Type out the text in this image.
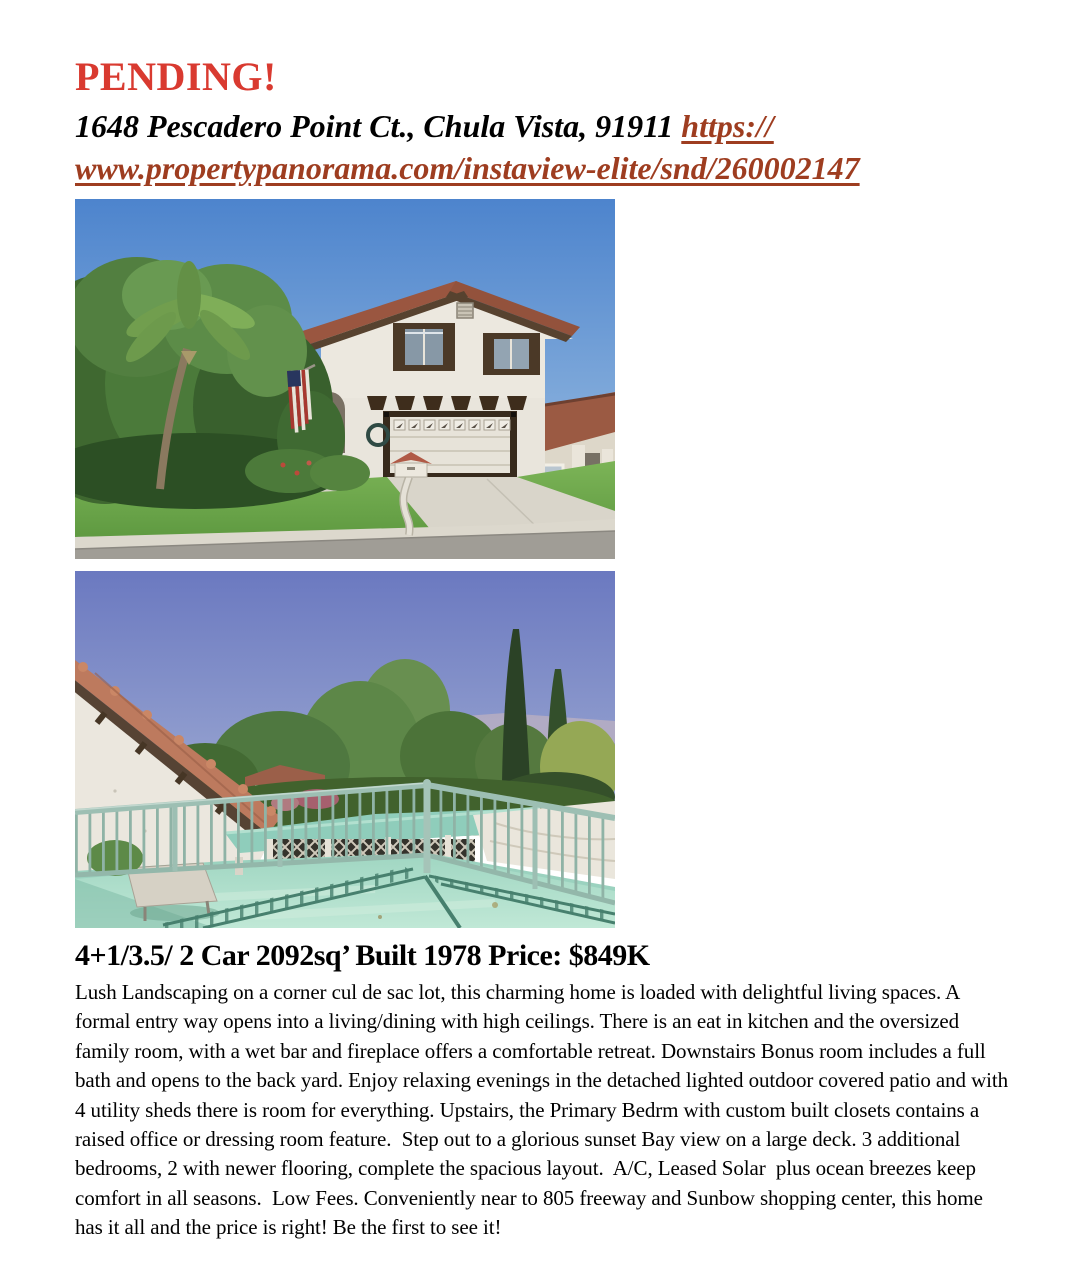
PENDING!
1648 Pescadero Point Ct., Chula Vista, 91911 https://
www.propertypanorama.com/instaview-elite/snd/260002147
4+1/3.5/ 2 Car 2092sq’ Built 1978 Price: $849K
Lush Landscaping on a corner cul de sac lot, this charming home is loaded with delightful living spaces. A formal entry way opens into a living/dining with high ceilings. There is an eat in kitchen and the oversized family room, with a wet bar and fireplace offers a comfortable retreat. Downstairs Bonus room includes a full bath and opens to the back yard. Enjoy relaxing evenings in the detached lighted outdoor covered patio and with 4 utility sheds there is room for everything. Upstairs, the Primary Bedrm with custom built closets contains a raised office or dressing room feature.  Step out to a glorious sunset Bay view on a large deck. 3 additional bedrooms, 2 with newer flooring, complete the spacious layout.  A/C, Leased Solar  plus ocean breezes keep comfort in all seasons.  Low Fees. Conveniently near to 805 freeway and Sunbow shopping center, this home has it all and the price is right! Be the first to see it!
